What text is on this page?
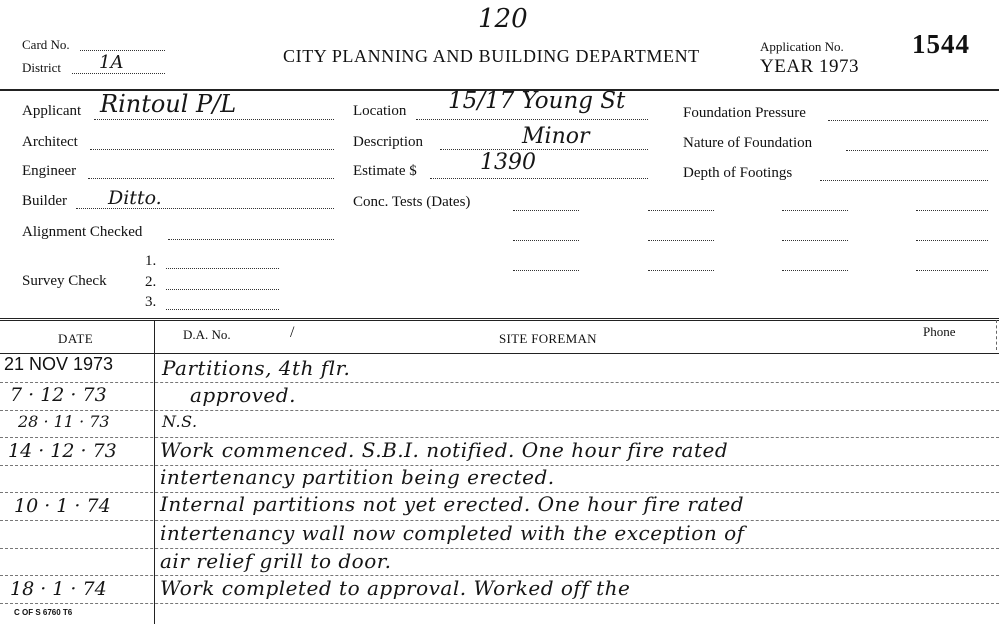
120
Card No.
District 1A	CITY PLANNING AND BUILDING DEPARTMENT	Application No.
YEAR 1973
1544
Applicant Rintoul P/L
Architect
Engineer
Builder Ditto.
Alignment Checked
Survey Check
1.
2.
3.
Location 15/17 Young St
Description	Minor
Estimate $	1390
Conc. Tests (Dates)
Foundation Pressure
Nature of Foundation
Depth of Footings
DATE	D.A. No.	/	SITE FOREMAN	Phone
21 NOV 1973	Partitions, 4th flr.
7 · 12 · 73	approved.
28 · 11 · 73	N.S.
14 · 12 · 73	Work commenced. S.B.I. notified. One hour fire rated
intertenancy partition being erected.
10 · 1 · 74	Internal partitions not yet erected. One hour fire rated
intertenancy wall now completed with the exception of
air relief grill to door.
18 · 1 · 74	Work completed to approval. Worked off the
C OF S 6760 T6
